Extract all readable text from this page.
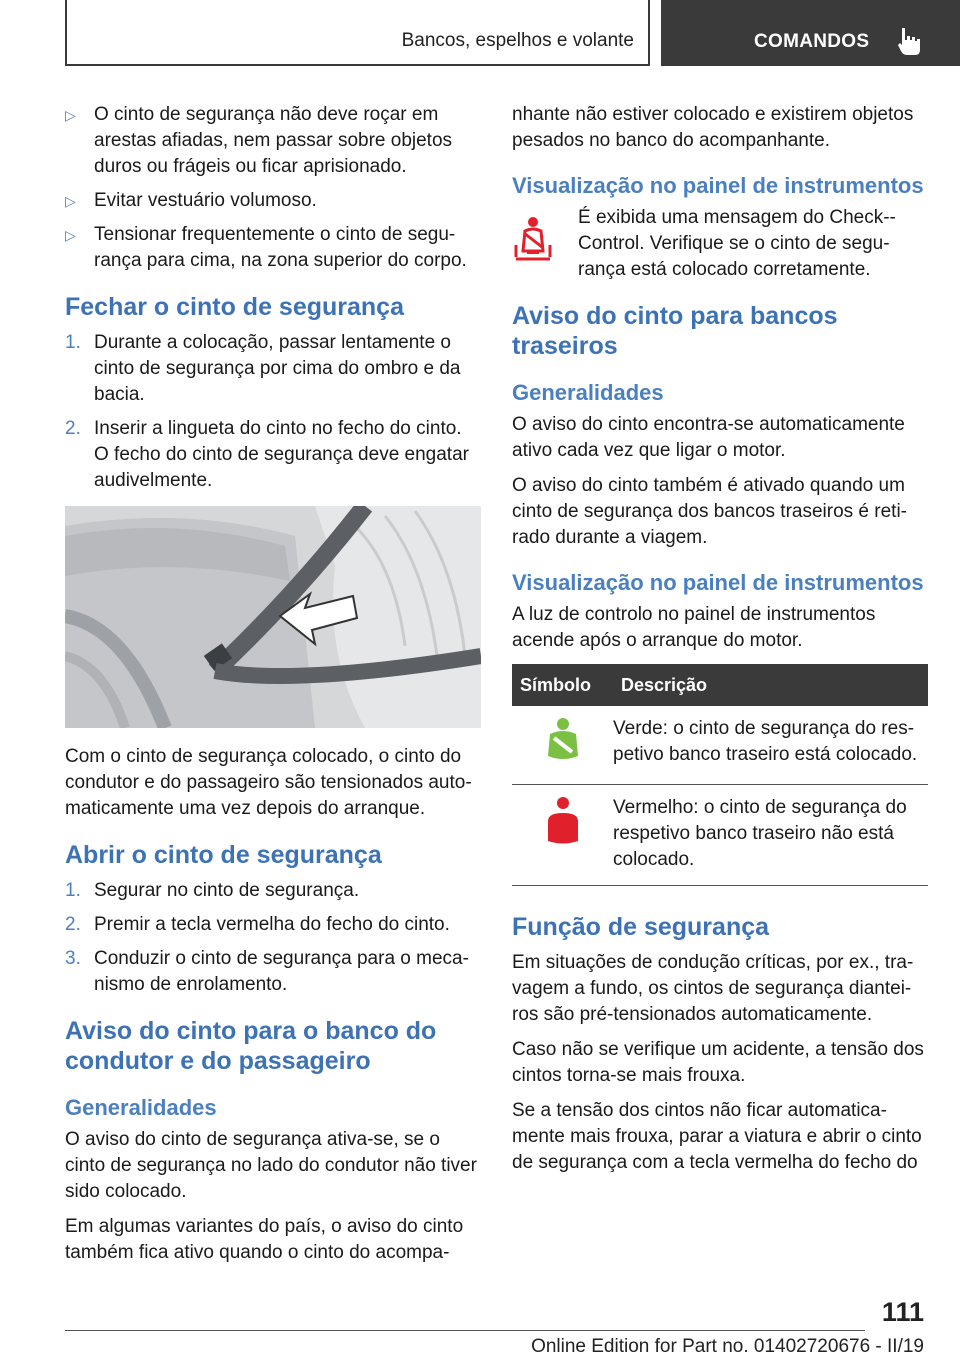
Bancos, espelhos e volante	COMANDOS
▷ O cinto de segurança não deve roçar em arestas afiadas, nem passar sobre objetos duros ou frágeis ou ficar aprisionado.
▷ Evitar vestuário volumoso.
▷ Tensionar frequentemente o cinto de segu‐rança para cima, na zona superior do corpo.
Fechar o cinto de segurança
1. Durante a colocação, passar lentamente o cinto de segurança por cima do ombro e da bacia.
2. Inserir a lingueta do cinto no fecho do cinto. O fecho do cinto de segurança deve engatar audivelmente.

Com o cinto de segurança colocado, o cinto do condutor e do passageiro são tensionados auto‐maticamente uma vez depois do arranque.

Abrir o cinto de segurança
1. Segurar no cinto de segurança.
2. Premir a tecla vermelha do fecho do cinto.
3. Conduzir o cinto de segurança para o meca‐nismo de enrolamento.
Aviso do cinto para o banco do condutor e do passageiro
Generalidades

O aviso do cinto de segurança ativa-se, se o cinto de segurança no lado do condutor não tiver sido colocado.

Em algumas variantes do país, o aviso do cinto também fica ativo quando o cinto do acompa‐

nhante não estiver colocado e existirem objetos pesados no banco do acompanhante.

Visualização no painel de instrumentos

É exibida uma mensagem do Check-‐Control. Verifique se o cinto de segu‐rança está colocado corretamente.

Aviso do cinto para bancos traseiros
Generalidades

O aviso do cinto encontra-se automaticamente ativo cada vez que ligar o motor.

O aviso do cinto também é ativado quando um cinto de segurança dos bancos traseiros é reti‐rado durante a viagem.

Visualização no painel de instrumentos

A luz de controlo no painel de instrumentos acende após o arranque do motor.

Símbolo	Descrição
	Verde: o cinto de segurança do res‐petivo banco traseiro está colocado.
	Vermelho: o cinto de segurança do respetivo banco traseiro não está colocado.
Função de segurança

Em situações de condução críticas, por ex., tra‐vagem a fundo, os cintos de segurança diantei‐ros são pré-tensionados automaticamente.

Caso não se verifique um acidente, a tensão dos cintos torna-se mais frouxa.

Se a tensão dos cintos não ficar automatica‐mente mais frouxa, parar a viatura e abrir o cinto de segurança com a tecla vermelha do fecho do

111
Online Edition for Part no. 01402720676 - II/19
